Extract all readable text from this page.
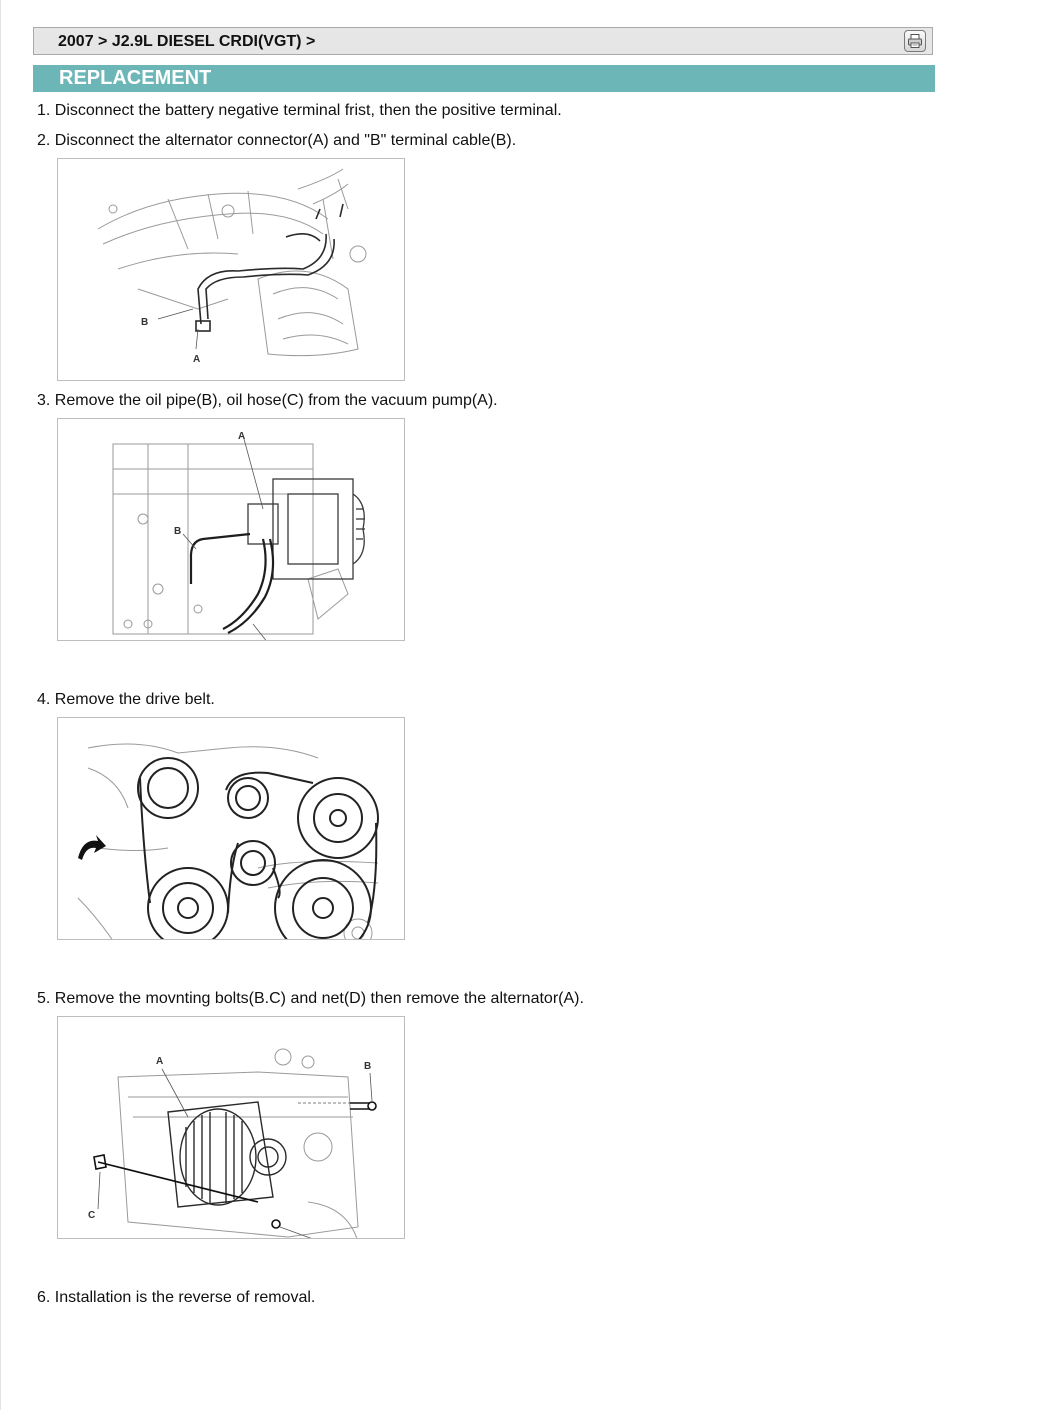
2007 > J2.9L DIESEL CRDI(VGT) >
REPLACEMENT
1. Disconnect the battery negative terminal frist, then the positive terminal.
2. Disconnect the alternator connector(A) and "B" terminal cable(B).
B
A
3. Remove the oil pipe(B), oil hose(C) from the vacuum pump(A).
A
B
C
4. Remove the drive belt.
5. Remove the movnting bolts(B.C) and net(D) then remove the alternator(A).
A	B
C
D
6. Installation is the reverse of removal.
